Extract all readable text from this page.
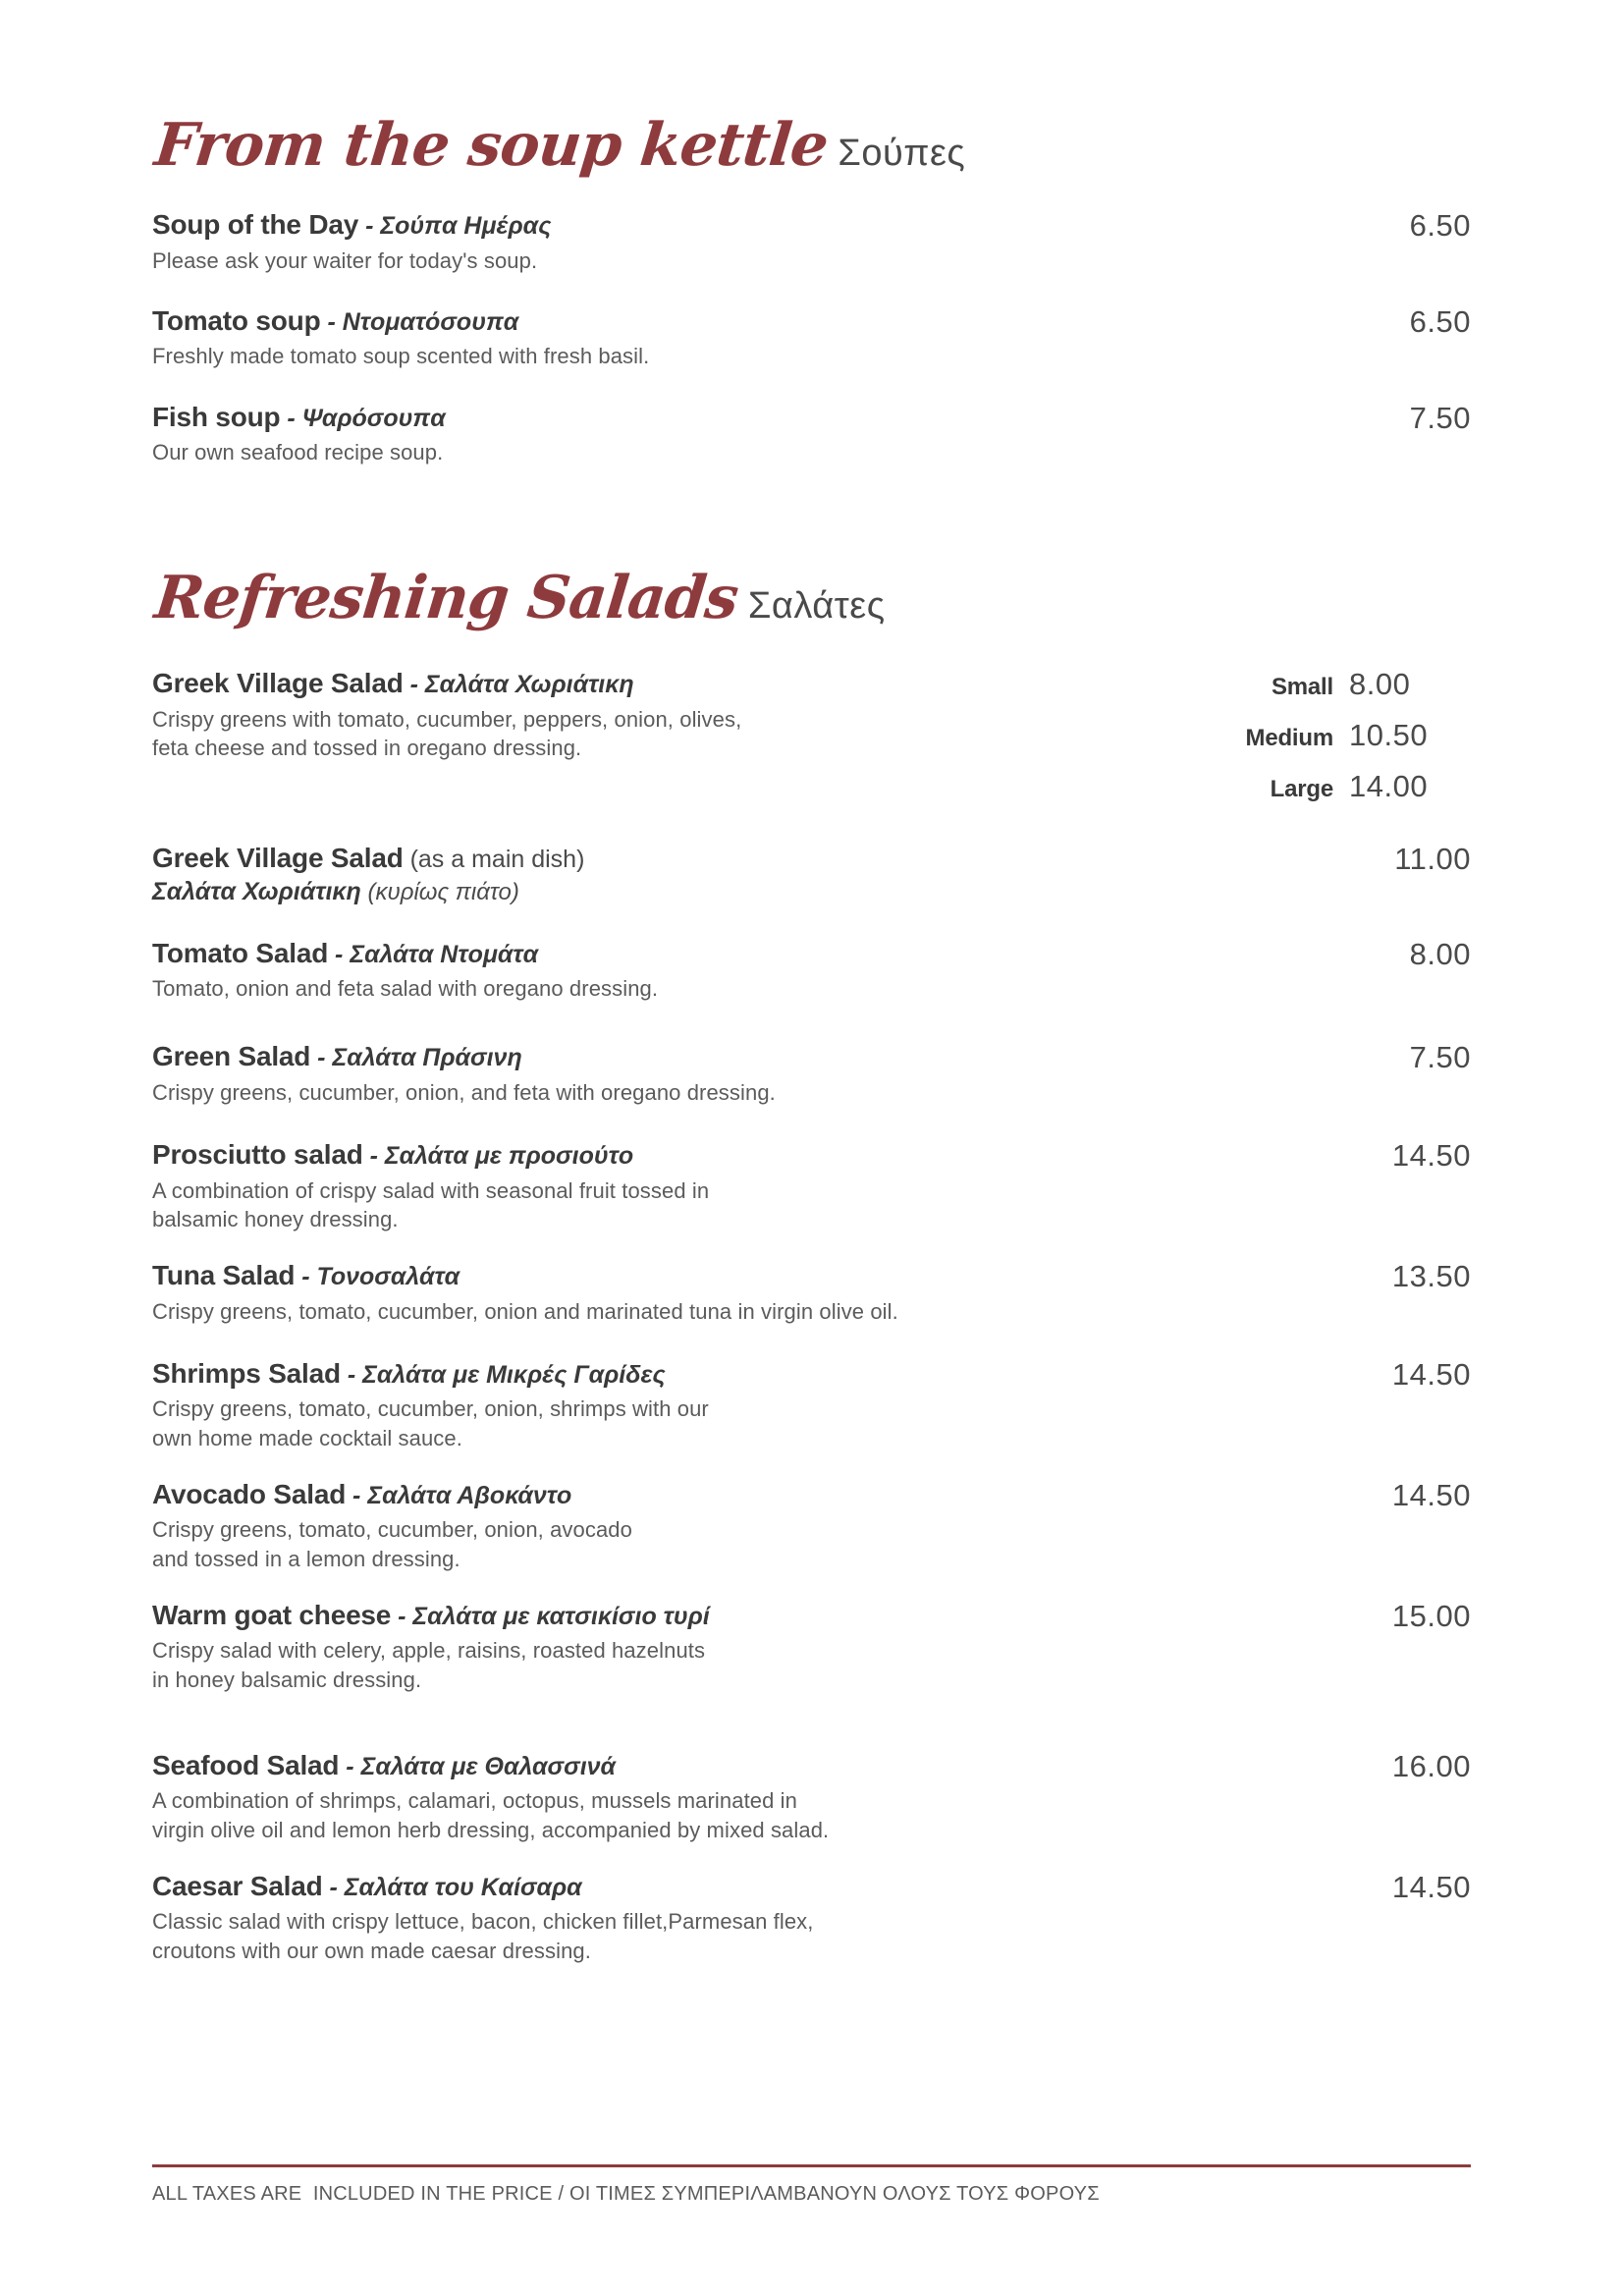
From the soup kettle Σούπες
Soup of the Day - Σούπα Ημέρας
Please ask your waiter for today's soup.
6.50
Tomato soup - Ντοματόσουπα
Freshly made tomato soup scented with fresh basil.
6.50
Fish soup - Ψαρόσουπα
Our own seafood recipe soup.
7.50
Refreshing Salads Σαλάτες
Greek Village Salad - Σαλάτα Χωριάτικη
Crispy greens with tomato, cucumber, peppers, onion, olives,
feta cheese and tossed in oregano dressing.
Small 8.00
Medium 10.50
Large 14.00
Greek Village Salad (as a main dish)
Σαλάτα Χωριάτικη (κυρίως πιάτο)
11.00
Tomato Salad - Σαλάτα Ντομάτα
Tomato, onion and feta salad with oregano dressing.
8.00
Green Salad - Σαλάτα Πράσινη
Crispy greens, cucumber, onion, and feta with oregano dressing.
7.50
Prosciutto salad - Σαλάτα με προσιούτο
A combination of crispy salad with seasonal fruit tossed in
balsamic honey dressing.
14.50
Tuna Salad - Τονοσαλάτα
Crispy greens, tomato, cucumber, onion and marinated tuna in virgin olive oil.
13.50
Shrimps Salad - Σαλάτα με Μικρές Γαρίδες
Crispy greens, tomato, cucumber, onion, shrimps with our
own home made cocktail sauce.
14.50
Avocado Salad - Σαλάτα Αβοκάντο
Crispy greens, tomato, cucumber, onion, avocado
and tossed in a lemon dressing.
14.50
Warm goat cheese - Σαλάτα με κατσικίσιο τυρί
Crispy salad with celery, apple, raisins, roasted hazelnuts
in honey balsamic dressing.
15.00
Seafood Salad - Σαλάτα με Θαλασσινά
A combination of shrimps, calamari, octopus, mussels marinated in
virgin olive oil and lemon herb dressing, accompanied by mixed salad.
16.00
Caesar Salad - Σαλάτα του Καίσαρα
Classic salad with crispy lettuce, bacon, chicken fillet,Parmesan flex,
croutons with our own made caesar dressing.
14.50
ALL TAXES ARE  INCLUDED IN THE PRICE / ΟΙ ΤΙΜΕΣ ΣΥΜΠΕΡΙΛΑΜΒΑΝΟΥΝ ΟΛΟΥΣ ΤΟΥΣ ΦΟΡΟΥΣ
